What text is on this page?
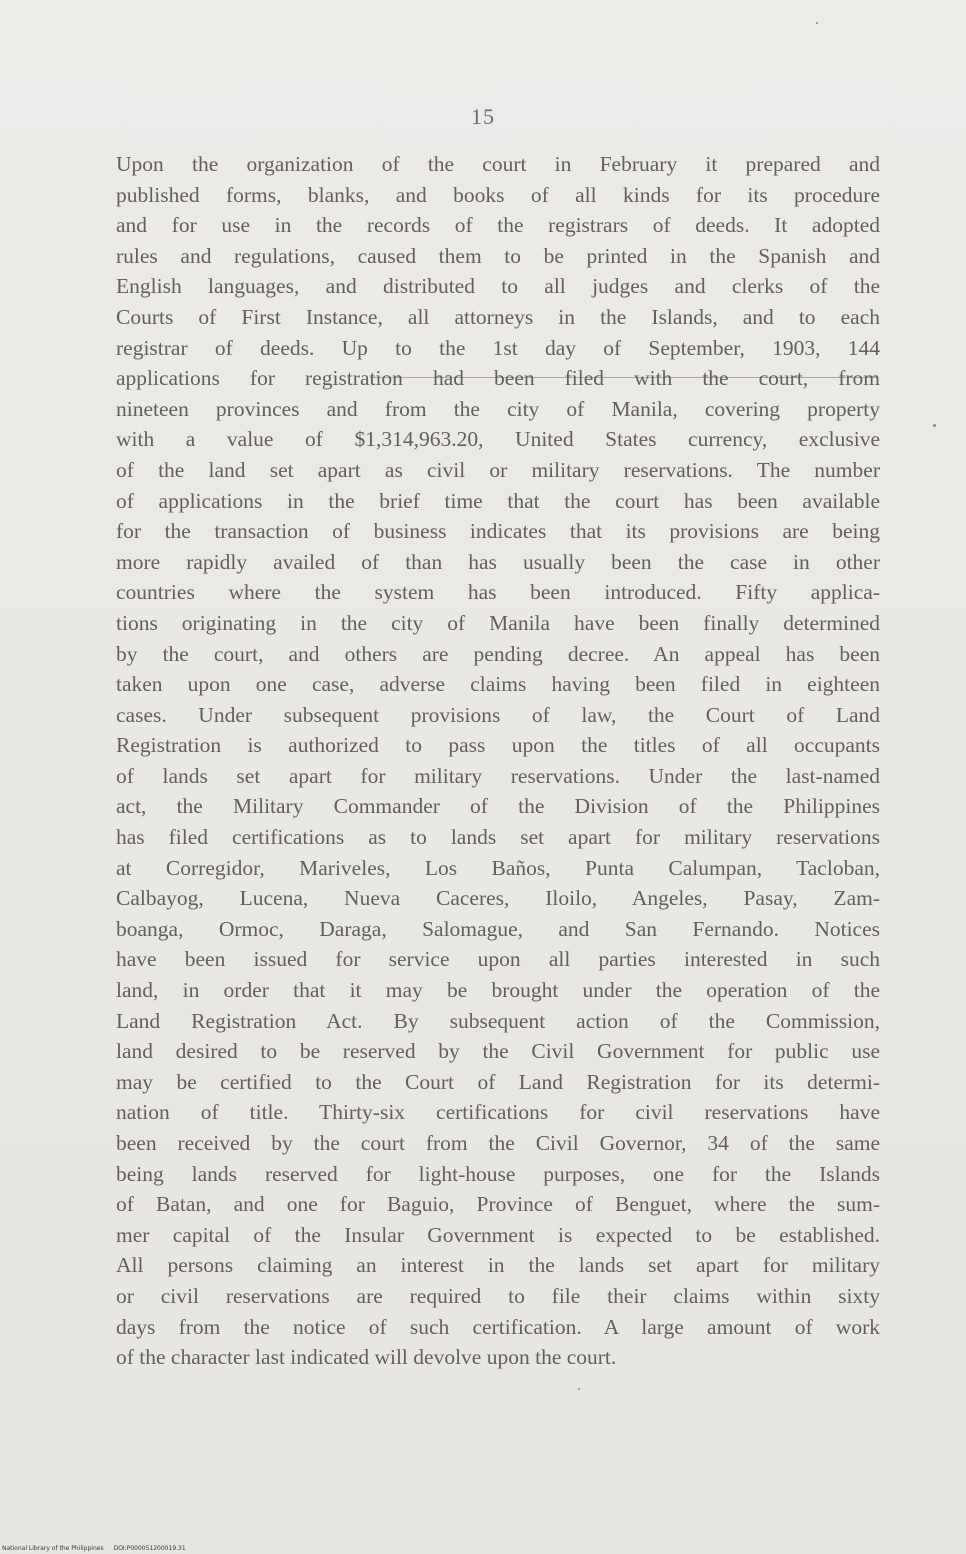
15
Upon the organization of the court in February it prepared and
published forms, blanks, and books of all kinds for its procedure
and for use in the records of the registrars of deeds. It adopted
rules and regulations, caused them to be printed in the Spanish and
English languages, and distributed to all judges and clerks of the
Courts of First Instance, all attorneys in the Islands, and to each
registrar of deeds. Up to the 1st day of September, 1903, 144
applications for registration had been filed with the court, from
nineteen provinces and from the city of Manila, covering property
with a value of $1,314,963.20, United States currency, exclusive
of the land set apart as civil or military reservations. The number
of applications in the brief time that the court has been available
for the transaction of business indicates that its provisions are being
more rapidly availed of than has usually been the case in other
countries where the system has been introduced. Fifty applica-
tions originating in the city of Manila have been finally determined
by the court, and others are pending decree. An appeal has been
taken upon one case, adverse claims having been filed in eighteen
cases. Under subsequent provisions of law, the Court of Land
Registration is authorized to pass upon the titles of all occupants
of lands set apart for military reservations. Under the last-named
act, the Military Commander of the Division of the Philippines
has filed certifications as to lands set apart for military reservations
at Corregidor, Mariveles, Los Baños, Punta Calumpan, Tacloban,
Calbayog, Lucena, Nueva Caceres, Iloilo, Angeles, Pasay, Zam-
boanga, Ormoc, Daraga, Salomague, and San Fernando. Notices
have been issued for service upon all parties interested in such
land, in order that it may be brought under the operation of the
Land Registration Act. By subsequent action of the Commission,
land desired to be reserved by the Civil Government for public use
may be certified to the Court of Land Registration for its determi-
nation of title. Thirty-six certifications for civil reservations have
been received by the court from the Civil Governor, 34 of the same
being lands reserved for light-house purposes, one for the Islands
of Batan, and one for Baguio, Province of Benguet, where the sum-
mer capital of the Insular Government is expected to be established.
All persons claiming an interest in the lands set apart for military
or civil reservations are required to file their claims within sixty
days from the notice of such certification. A large amount of work
of the character last indicated will devolve upon the court.
National Library of the Philippines DOI:P000051200019.31
